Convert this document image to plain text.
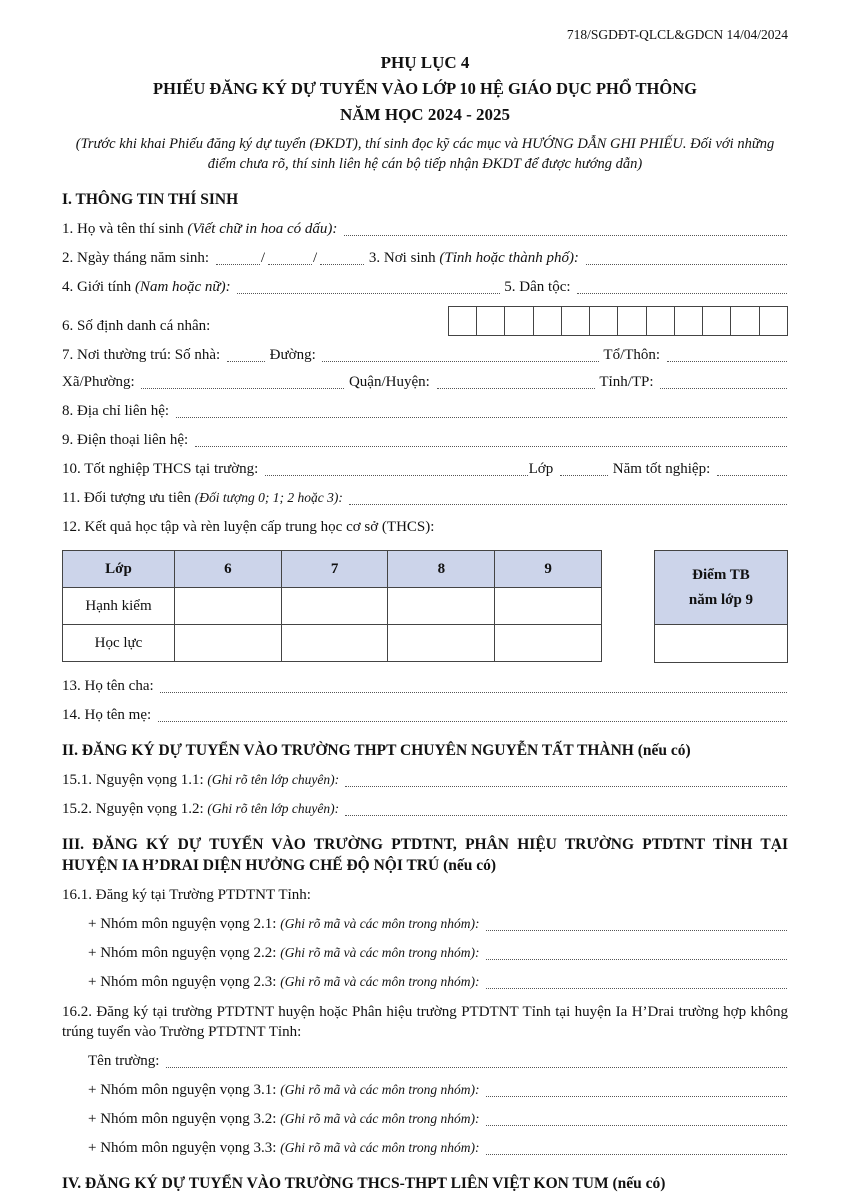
718/SGDĐT-QLCL&GDCN 14/04/2024
PHỤ LỤC 4
PHIẾU ĐĂNG KÝ DỰ TUYỂN VÀO LỚP 10 HỆ GIÁO DỤC PHỔ THÔNG
NĂM HỌC 2024 - 2025
(Trước khi khai Phiếu đăng ký dự tuyển (ĐKDT), thí sinh đọc kỹ các mục và HƯỚNG DẪN GHI PHIẾU. Đối với những điểm chưa rõ, thí sinh liên hệ cán bộ tiếp nhận ĐKDT để được hướng dẫn)
I. THÔNG TIN THÍ SINH
1. Họ và tên thí sinh (Viết chữ in hoa có dấu):
2. Ngày tháng năm sinh:	/	/	3. Nơi sinh (Tỉnh hoặc thành phố):
4. Giới tính (Nam hoặc nữ):	5. Dân tộc:
6. Số định danh cá nhân:
7. Nơi thường trú: Số nhà:	Đường:	Tổ/Thôn:
Xã/Phường:	Quận/Huyện:	Tỉnh/TP:
8. Địa chỉ liên hệ:
9. Điện thoại liên hệ:
10. Tốt nghiệp THCS tại trường:	Lớp	Năm tốt nghiệp:
11. Đối tượng ưu tiên (Đối tượng 0; 1; 2 hoặc 3):
12. Kết quả học tập và rèn luyện cấp trung học cơ sở (THCS):
Lớp	6	7	8	9
Hạnh kiểm				
Học lực				
Điểm TB
năm lớp 9
13. Họ tên cha:
14. Họ tên mẹ:
II. ĐĂNG KÝ DỰ TUYỂN VÀO TRƯỜNG THPT CHUYÊN NGUYỄN TẤT THÀNH (nếu có)
15.1. Nguyện vọng 1.1: (Ghi rõ tên lớp chuyên):
15.2. Nguyện vọng 1.2: (Ghi rõ tên lớp chuyên):
III. ĐĂNG KÝ DỰ TUYỂN VÀO TRƯỜNG PTDTNT, PHÂN HIỆU TRƯỜNG PTDTNT TỈNH TẠI HUYỆN IA H’DRAI DIỆN HƯỞNG CHẾ ĐỘ NỘI TRÚ (nếu có)
16.1. Đăng ký tại Trường PTDTNT Tỉnh:
+ Nhóm môn nguyện vọng 2.1: (Ghi rõ mã và các môn trong nhóm):
+ Nhóm môn nguyện vọng 2.2: (Ghi rõ mã và các môn trong nhóm):
+ Nhóm môn nguyện vọng 2.3: (Ghi rõ mã và các môn trong nhóm):
16.2. Đăng ký tại trường PTDTNT huyện hoặc Phân hiệu trường PTDTNT Tỉnh tại huyện Ia H’Drai trường hợp không trúng tuyển vào Trường PTDTNT Tỉnh:
Tên trường:
+ Nhóm môn nguyện vọng 3.1: (Ghi rõ mã và các môn trong nhóm):
+ Nhóm môn nguyện vọng 3.2: (Ghi rõ mã và các môn trong nhóm):
+ Nhóm môn nguyện vọng 3.3: (Ghi rõ mã và các môn trong nhóm):
IV. ĐĂNG KÝ DỰ TUYỂN VÀO TRƯỜNG THCS-THPT LIÊN VIỆT KON TUM (nếu có)
